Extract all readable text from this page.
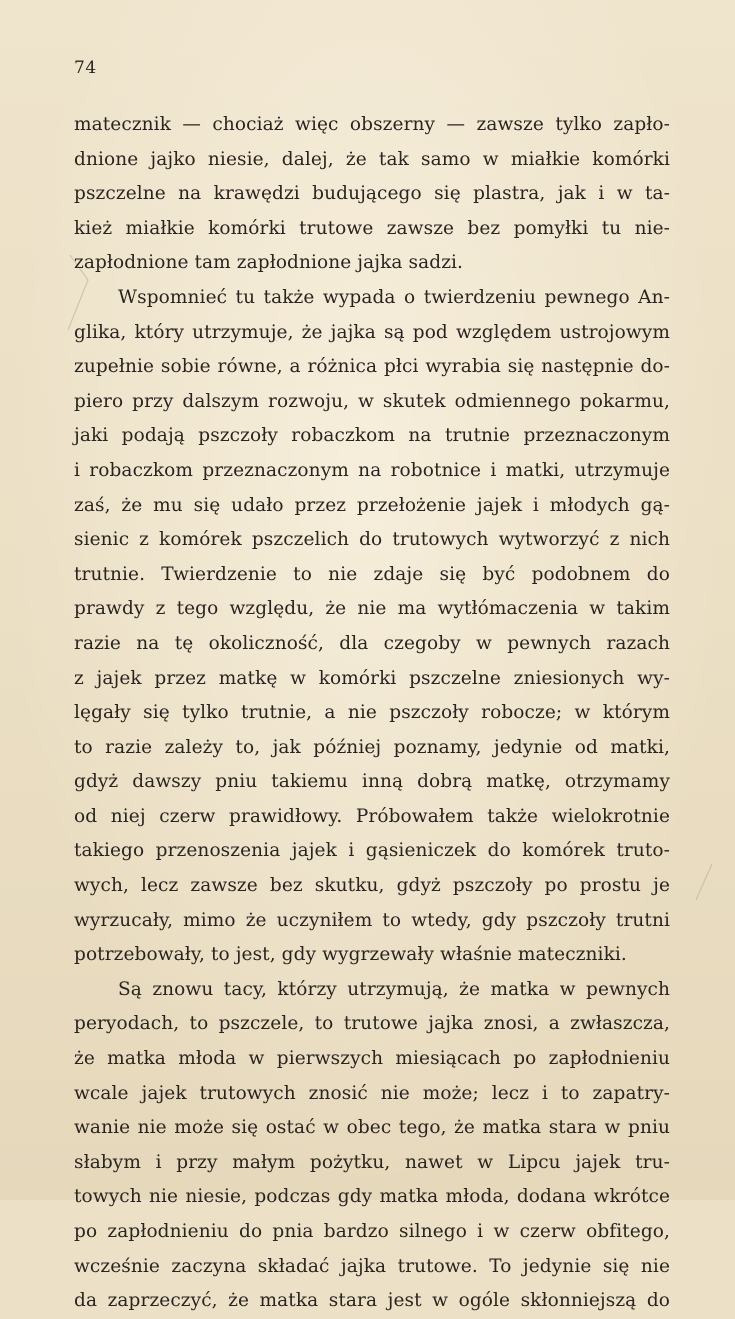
74
matecznik — chociaż więc obszerny — zawsze tylko zapło-
dnione jajko niesie, dalej, że tak samo w miałkie komórki
pszczelne na krawędzi budującego się plastra, jak i w ta-
kież miałkie komórki trutowe zawsze bez pomyłki tu nie-
zapłodnione tam zapłodnione jajka sadzi.
Wspomnieć tu także wypada o twierdzeniu pewnego An-
glika, który utrzymuje, że jajka są pod względem ustrojowym
zupełnie sobie równe, a różnica płci wyrabia się następnie do-
piero przy dalszym rozwoju, w skutek odmiennego pokarmu,
jaki podają pszczoły robaczkom na trutnie przeznaczonym
i robaczkom przeznaczonym na robotnice i matki, utrzymuje
zaś, że mu się udało przez przełożenie jajek i młodych gą-
sienic z komórek pszczelich do trutowych wytworzyć z nich
trutnie. Twierdzenie to nie zdaje się być podobnem do
prawdy z tego względu, że nie ma wytłómaczenia w takim
razie na tę okoliczność, dla czegoby w pewnych razach
z jajek przez matkę w komórki pszczelne zniesionych wy-
lęgały się tylko trutnie, a nie pszczoły robocze; w którym
to razie zależy to, jak później poznamy, jedynie od matki,
gdyż dawszy pniu takiemu inną dobrą matkę, otrzymamy
od niej czerw prawidłowy. Próbowałem także wielokrotnie
takiego przenoszenia jajek i gąsieniczek do komórek truto-
wych, lecz zawsze bez skutku, gdyż pszczoły po prostu je
wyrzucały, mimo że uczyniłem to wtedy, gdy pszczoły trutni
potrzebowały, to jest, gdy wygrzewały właśnie mateczniki.
Są znowu tacy, którzy utrzymują, że matka w pewnych
peryodach, to pszczele, to trutowe jajka znosi, a zwłaszcza,
że matka młoda w pierwszych miesiącach po zapłodnieniu
wcale jajek trutowych znosić nie może; lecz i to zapatry-
wanie nie może się ostać w obec tego, że matka stara w pniu
słabym i przy małym pożytku, nawet w Lipcu jajek tru-
towych nie niesie, podczas gdy matka młoda, dodana wkrótce
po zapłodnieniu do pnia bardzo silnego i w czerw obfitego,
wcześnie zaczyna składać jajka trutowe. To jedynie się nie
da zaprzeczyć, że matka stara jest w ogóle skłonniejszą do
